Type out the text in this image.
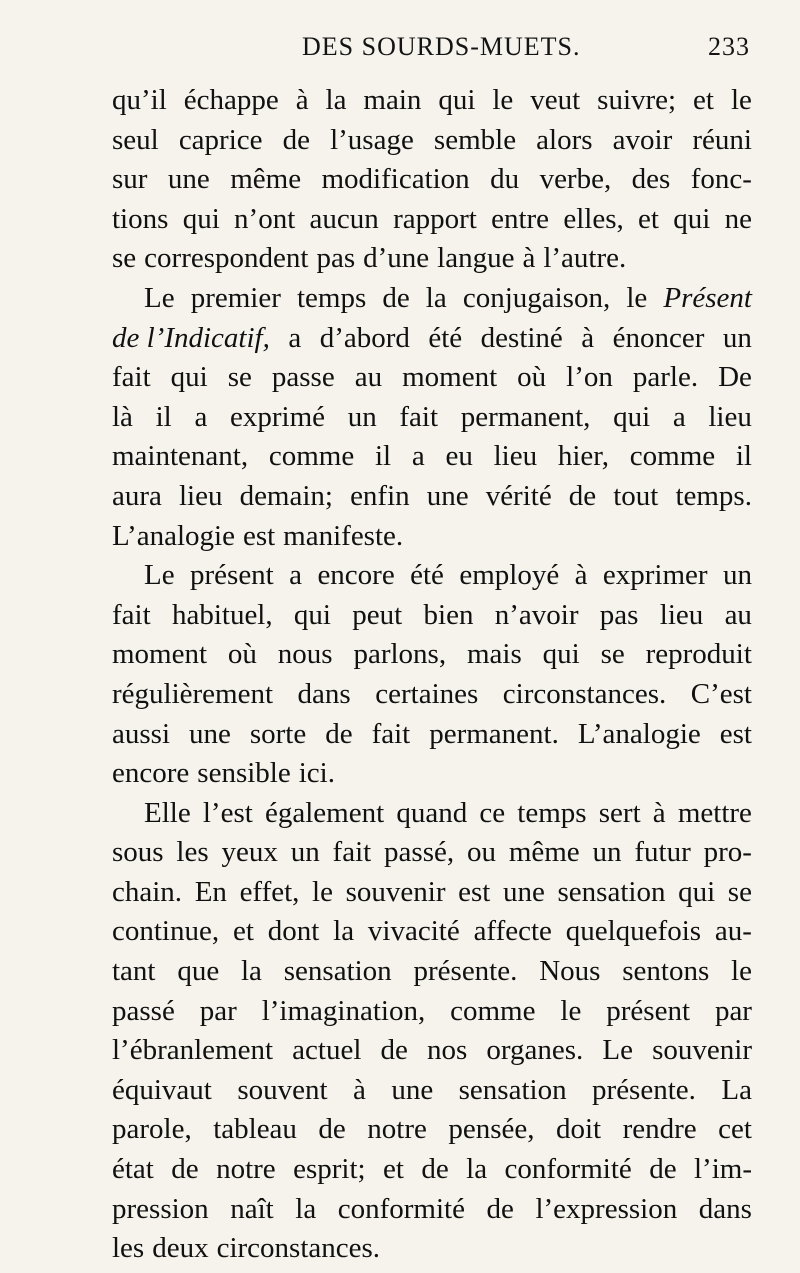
DES SOURDS-MUETS.	233
qu’il échappe à la main qui le veut suivre; et le
seul caprice de l’usage semble alors avoir réuni
sur une même modification du verbe, des fonc-
tions qui n’ont aucun rapport entre elles, et qui ne
se correspondent pas d’une langue à l’autre.
Le premier temps de la conjugaison, le Présent
de l’Indicatif, a d’abord été destiné à énoncer un
fait qui se passe au moment où l’on parle. De
là il a exprimé un fait permanent, qui a lieu
maintenant, comme il a eu lieu hier, comme il
aura lieu demain; enfin une vérité de tout temps.
L’analogie est manifeste.
Le présent a encore été employé à exprimer un
fait habituel, qui peut bien n’avoir pas lieu au
moment où nous parlons, mais qui se reproduit
régulièrement dans certaines circonstances. C’est
aussi une sorte de fait permanent. L’analogie est
encore sensible ici.
Elle l’est également quand ce temps sert à mettre
sous les yeux un fait passé, ou même un futur pro-
chain. En effet, le souvenir est une sensation qui se
continue, et dont la vivacité affecte quelquefois au-
tant que la sensation présente. Nous sentons le
passé par l’imagination, comme le présent par
l’ébranlement actuel de nos organes. Le souvenir
équivaut souvent à une sensation présente. La
parole, tableau de notre pensée, doit rendre cet
état de notre esprit; et de la conformité de l’im-
pression naît la conformité de l’expression dans
les deux circonstances.
